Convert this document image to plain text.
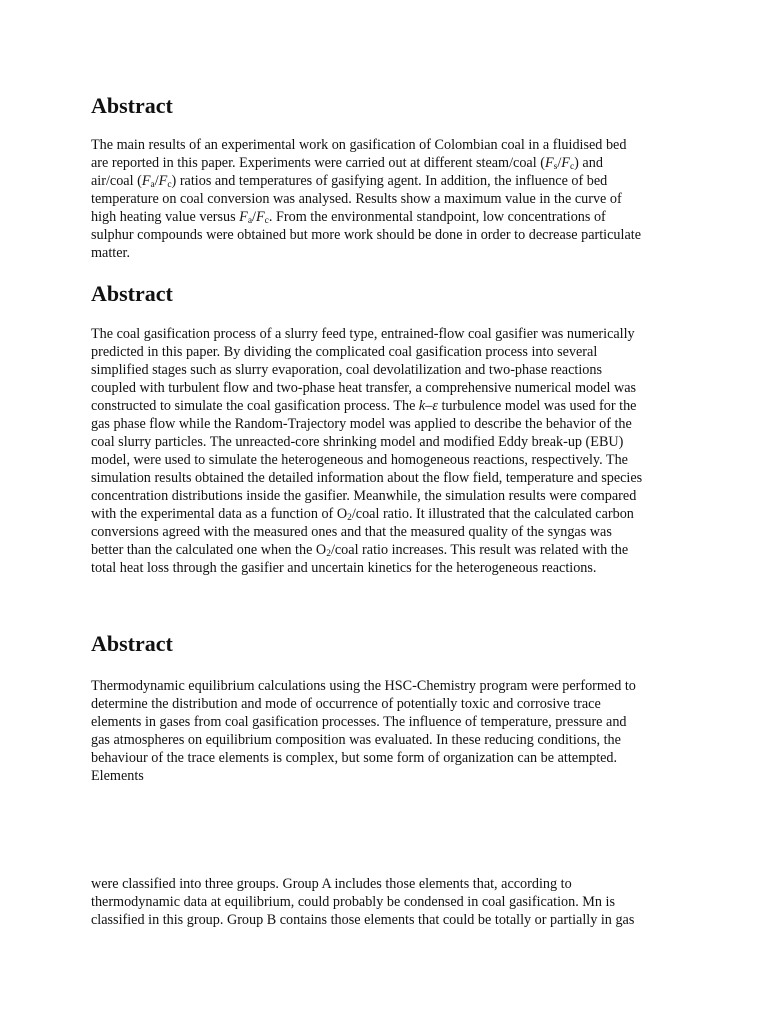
Abstract
The main results of an experimental work on gasification of Colombian coal in a fluidised bed
are reported in this paper. Experiments were carried out at different steam/coal $(F_s/F_c)$ and
air/coal $(F_a/F_c)$ ratios and temperatures of gasifying agent. In addition, the influence of bed
temperature on coal conversion was analysed. Results show a maximum value in the curve of
high heating value versus $F_a/F_c$. From the environmental standpoint, low concentrations of
sulphur compounds were obtained but more work should be done in order to decrease particulate
matter.
Abstract
The coal gasification process of a slurry feed type, entrained-flow coal gasifier was numerically
predicted in this paper. By dividing the complicated coal gasification process into several
simplified stages such as slurry evaporation, coal devolatilization and two-phase reactions
coupled with turbulent flow and two-phase heat transfer, a comprehensive numerical model was
constructed to simulate the coal gasification process. The k–ε turbulence model was used for the
gas phase flow while the Random-Trajectory model was applied to describe the behavior of the
coal slurry particles. The unreacted-core shrinking model and modified Eddy break-up (EBU)
model, were used to simulate the heterogeneous and homogeneous reactions, respectively. The
simulation results obtained the detailed information about the flow field, temperature and species
concentration distributions inside the gasifier. Meanwhile, the simulation results were compared
with the experimental data as a function of $O_2$/coal ratio. It illustrated that the calculated carbon
conversions agreed with the measured ones and that the measured quality of the syngas was
better than the calculated one when the $O_2$/coal ratio increases. This result was related with the
total heat loss through the gasifier and uncertain kinetics for the heterogeneous reactions.
Abstract
Thermodynamic equilibrium calculations using the HSC-Chemistry program were performed to
determine the distribution and mode of occurrence of potentially toxic and corrosive trace
elements in gases from coal gasification processes. The influence of temperature, pressure and
gas atmospheres on equilibrium composition was evaluated. In these reducing conditions, the
behaviour of the trace elements is complex, but some form of organization can be attempted.
Elements
were classified into three groups. Group A includes those elements that, according to
thermodynamic data at equilibrium, could probably be condensed in coal gasification. Mn is
classified in this group. Group B contains those elements that could be totally or partially in gas
